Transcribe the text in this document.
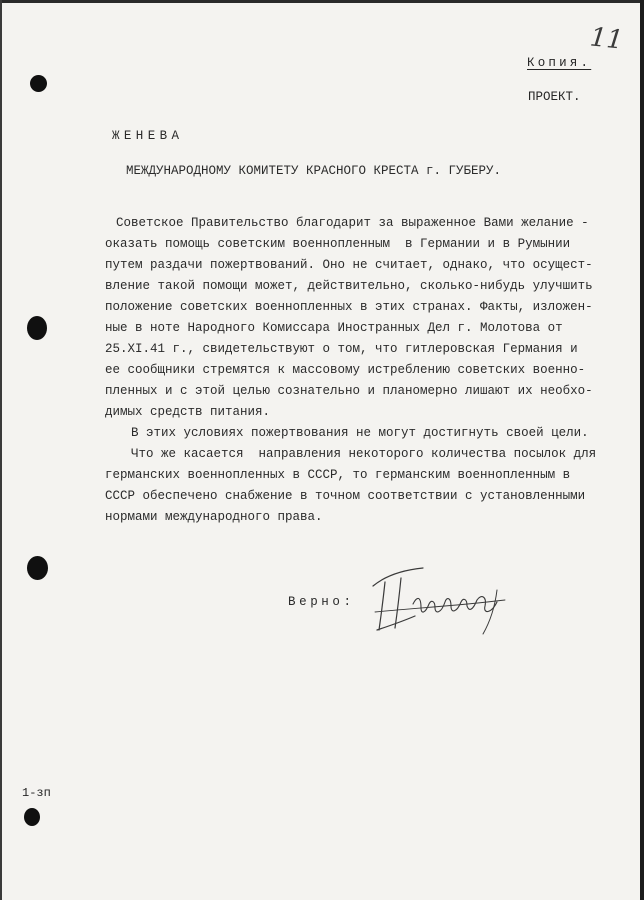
11
Копия.
ПРОЕКТ.
ЖЕНЕВА
МЕЖДУНАРОДНОМУ КОМИТЕТУ КРАСНОГО КРЕСТА г. ГУБЕРУ.
Советское Правительство благодарит за выраженное Вами желание -
оказать помощь советским военнопленным  в Германии и в Румынии
путем раздачи пожертвований. Оно не считает, однако, что осущест-
вление такой помощи может, действительно, сколько-нибудь улучшить
положение советских военнопленных в этих странах. Факты, изложен-
ные в ноте Народного Комиссара Иностранных Дел г. Молотова от
25.XI.41 г., свидетельствуют о том, что гитлеровская Германия и
ее сообщники стремятся к массовому истреблению советских военно-
пленных и с этой целью сознательно и планомерно лишают их необхо-
димых средств питания.
В этих условиях пожертвования не могут достигнуть своей цели.
Что же касается  направления некоторого количества посылок для
германских военнопленных в СССР, то германским военнопленным в
СССР обеспечено снабжение в точном соответствии с установленными
нормами международного права.
Верно:
1-зп
